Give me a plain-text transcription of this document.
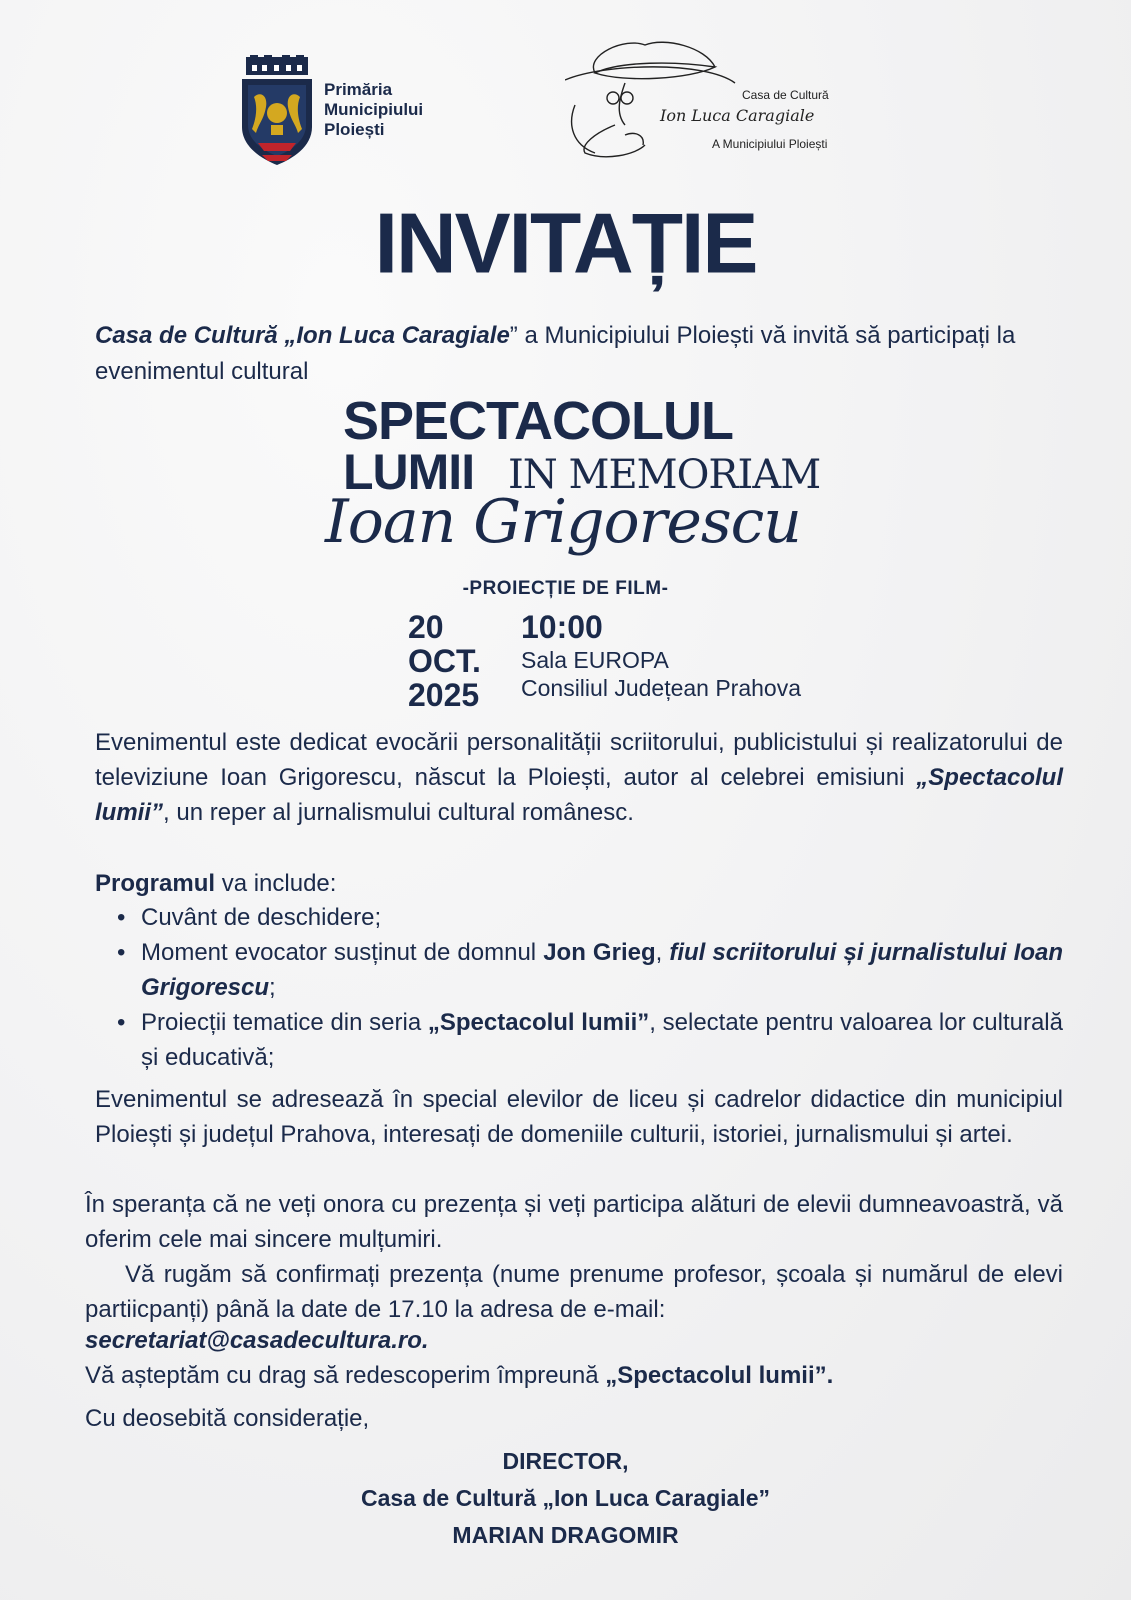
Primăria
Municipiului
Ploiești
Casa de Cultură
Ion Luca Caragiale
A Municipiului Ploiești
INVITAȚIE
Casa de Cultură „Ion Luca Caragiale” a Municipiului Ploiești vă invită să participați la evenimentul cultural
SPECTACOLUL
LUMII IN MEMORIAM
Ioan Grigorescu
-PROIECȚIE DE FILM-
20
OCT.
2025
10:00
Sala EUROPA
Consiliul Județean Prahova
Evenimentul este dedicat evocării personalității scriitorului, publicistului și realizatorului de televiziune Ioan Grigorescu, născut la Ploiești, autor al celebrei emisiuni „Spectacolul lumii”, un reper al jurnalismului cultural românesc.
Programul va include:
• Cuvânt de deschidere;
• Moment evocator susținut de domnul Jon Grieg, fiul scriitorului și jurnalistului Ioan Grigorescu;
• Proiecții tematice din seria „Spectacolul lumii”, selectate pentru valoarea lor culturală și educativă;
Evenimentul se adresează în special elevilor de liceu și cadrelor didactice din municipiul Ploiești și județul Prahova, interesați de domeniile culturii, istoriei, jurnalismului și artei.
În speranța că ne veți onora cu prezența și veți participa alături de elevii dumneavoastră, vă oferim cele mai sincere mulțumiri.
Vă rugăm să confirmați prezența (nume prenume profesor, școala și numărul de elevi partiicpanți) până la date de 17.10 la adresa de e-mail:
secretariat@casadecultura.ro.
Vă așteptăm cu drag să redescoperim împreună „Spectacolul lumii”.
Cu deosebită considerație,
DIRECTOR,
Casa de Cultură „Ion Luca Caragiale”
MARIAN DRAGOMIR
